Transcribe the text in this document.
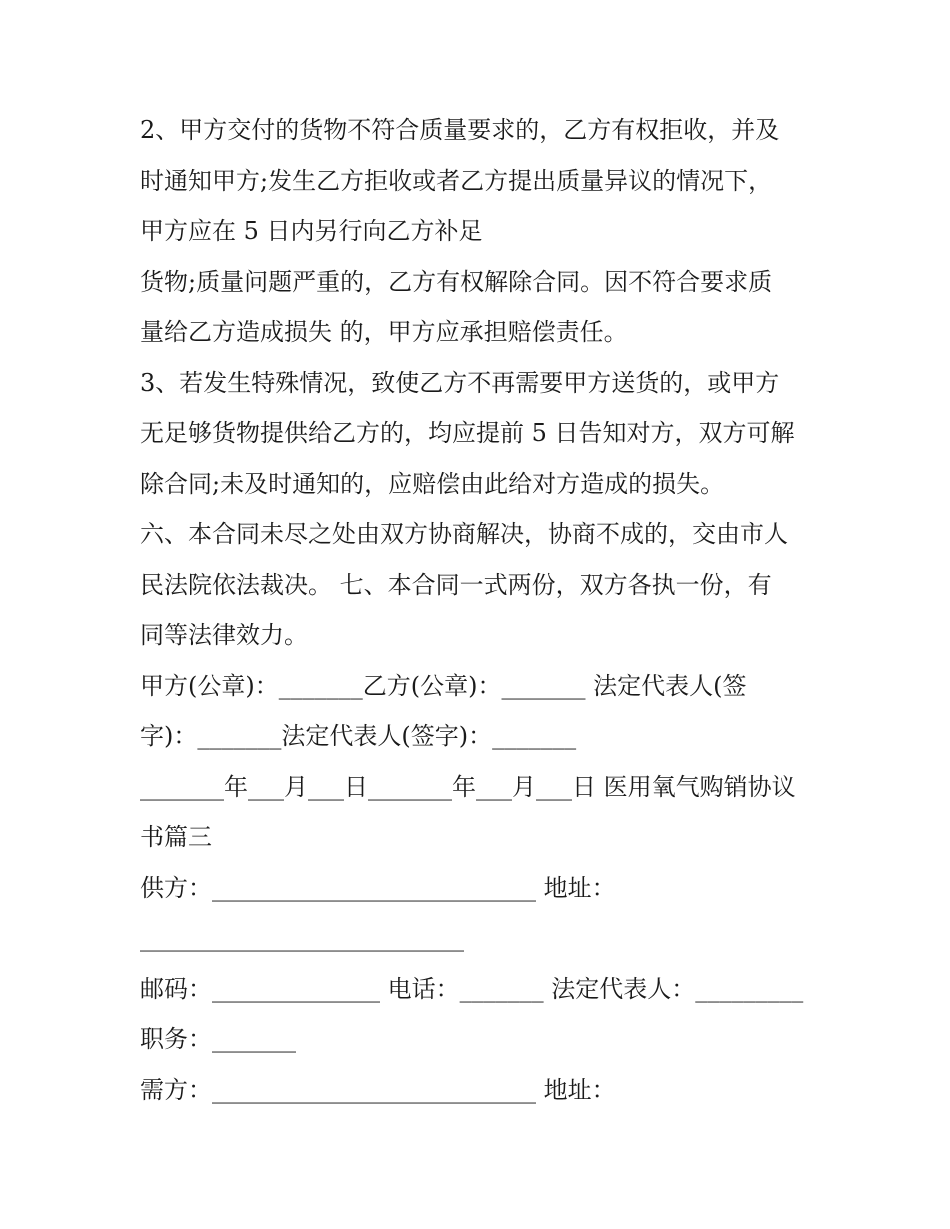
2、甲方交付的货物不符合质量要求的，乙方有权拒收，并及
时通知甲方;发生乙方拒收或者乙方提出质量异议的情况下，
甲方应在 5 日内另行向乙方补足
货物;质量问题严重的，乙方有权解除合同。因不符合要求质
量给乙方造成损失 的，甲方应承担赔偿责任。
3、若发生特殊情况，致使乙方不再需要甲方送货的，或甲方
无足够货物提供给乙方的，均应提前 5 日告知对方，双方可解
除合同;未及时通知的，应赔偿由此给对方造成的损失。
六、本合同未尽之处由双方协商解决，协商不成的，交由市人
民法院依法裁决。 七、本合同一式两份，双方各执一份，有
同等法律效力。
甲方(公章)：_______乙方(公章)：_______ 法定代表人(签
字)：_______法定代表人(签字)：_______
_______年___月___日_______年___月___日 医用氧气购销协议
书篇三
供方：___________________________ 地址：
___________________________
邮码：______________ 电话：_______ 法定代表人：_________
职务：_______
需方：___________________________ 地址：
